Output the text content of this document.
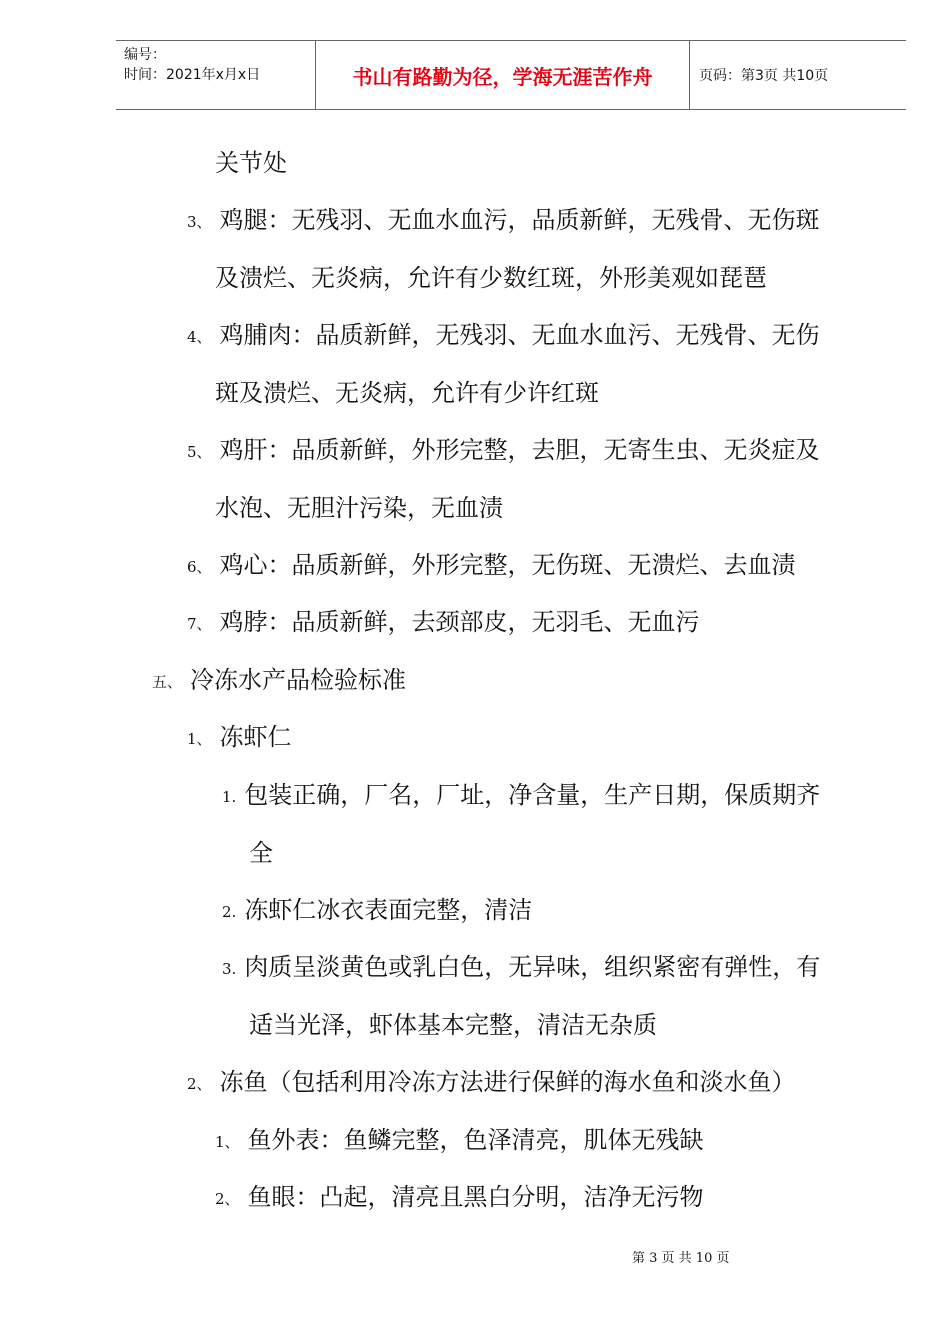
编号：
时间：2021年x月x日	书山有路勤为径，学海无涯苦作舟	页码：第3页 共10页
关节处
3、 鸡腿：无残羽、无血水血污，品质新鲜，无残骨、无伤斑
及溃烂、无炎病，允许有少数红斑，外形美观如琵琶
4、 鸡脯肉：品质新鲜，无残羽、无血水血污、无残骨、无伤
斑及溃烂、无炎病，允许有少许红斑
5、 鸡肝：品质新鲜，外形完整，去胆，无寄生虫、无炎症及
水泡、无胆汁污染，无血渍
6、 鸡心：品质新鲜，外形完整，无伤斑、无溃烂、去血渍
7、 鸡脖：品质新鲜，去颈部皮，无羽毛、无血污
五、 冷冻水产品检验标准
1、 冻虾仁
1. 包装正确，厂名，厂址，净含量，生产日期，保质期齐
全
2. 冻虾仁冰衣表面完整，清洁
3. 肉质呈淡黄色或乳白色，无异味，组织紧密有弹性，有
适当光泽，虾体基本完整，清洁无杂质
2、 冻鱼（包括利用冷冻方法进行保鲜的海水鱼和淡水鱼）
1、 鱼外表：鱼鳞完整，色泽清亮，肌体无残缺
2、 鱼眼：凸起，清亮且黑白分明，洁净无污物
第 3 页 共 10 页
